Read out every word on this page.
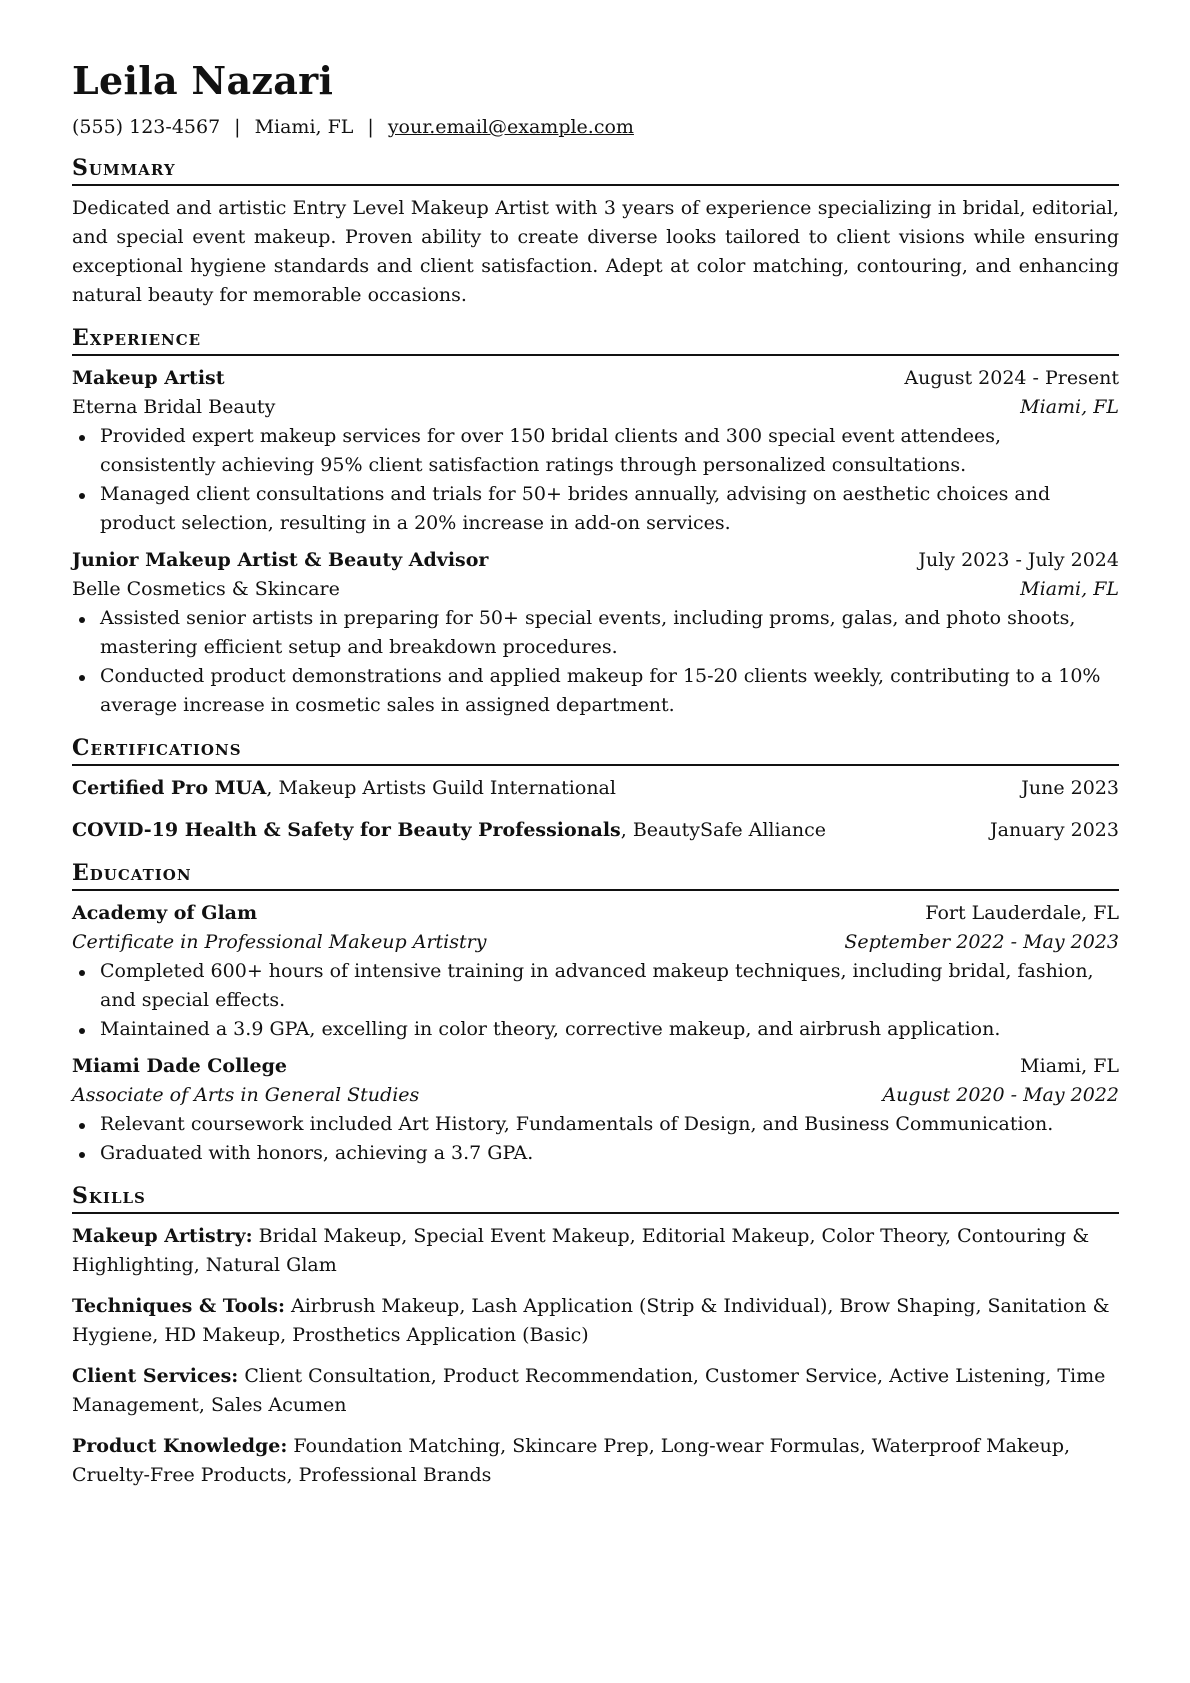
Leila Nazari
(555) 123-4567 | Miami, FL | your.email@example.com
Summary
Dedicated and artistic Entry Level Makeup Artist with 3 years of experience specializing in bridal, editorial, and special event makeup. Proven ability to create diverse looks tailored to client visions while ensuring exceptional hygiene standards and client satisfaction. Adept at color matching, contouring, and enhancing natural beauty for memorable occasions.
Experience
Makeup Artist	August 2024 - Present
Eterna Bridal Beauty	Miami, FL
Provided expert makeup services for over 150 bridal clients and 300 special event attendees, consistently achieving 95% client satisfaction ratings through personalized consultations.
Managed client consultations and trials for 50+ brides annually, advising on aesthetic choices and product selection, resulting in a 20% increase in add-on services.
Junior Makeup Artist & Beauty Advisor	July 2023 - July 2024
Belle Cosmetics & Skincare	Miami, FL
Assisted senior artists in preparing for 50+ special events, including proms, galas, and photo shoots, mastering efficient setup and breakdown procedures.
Conducted product demonstrations and applied makeup for 15-20 clients weekly, contributing to a 10% average increase in cosmetic sales in assigned department.
Certifications
Certified Pro MUA, Makeup Artists Guild International	June 2023
COVID-19 Health & Safety for Beauty Professionals, BeautySafe Alliance	January 2023
Education
Academy of Glam	Fort Lauderdale, FL
Certificate in Professional Makeup Artistry	September 2022 - May 2023
Completed 600+ hours of intensive training in advanced makeup techniques, including bridal, fashion, and special effects.
Maintained a 3.9 GPA, excelling in color theory, corrective makeup, and airbrush application.
Miami Dade College	Miami, FL
Associate of Arts in General Studies	August 2020 - May 2022
Relevant coursework included Art History, Fundamentals of Design, and Business Communication.
Graduated with honors, achieving a 3.7 GPA.
Skills
Makeup Artistry: Bridal Makeup, Special Event Makeup, Editorial Makeup, Color Theory, Contouring & Highlighting, Natural Glam
Techniques & Tools: Airbrush Makeup, Lash Application (Strip & Individual), Brow Shaping, Sanitation & Hygiene, HD Makeup, Prosthetics Application (Basic)
Client Services: Client Consultation, Product Recommendation, Customer Service, Active Listening, Time Management, Sales Acumen
Product Knowledge: Foundation Matching, Skincare Prep, Long-wear Formulas, Waterproof Makeup, Cruelty-Free Products, Professional Brands
